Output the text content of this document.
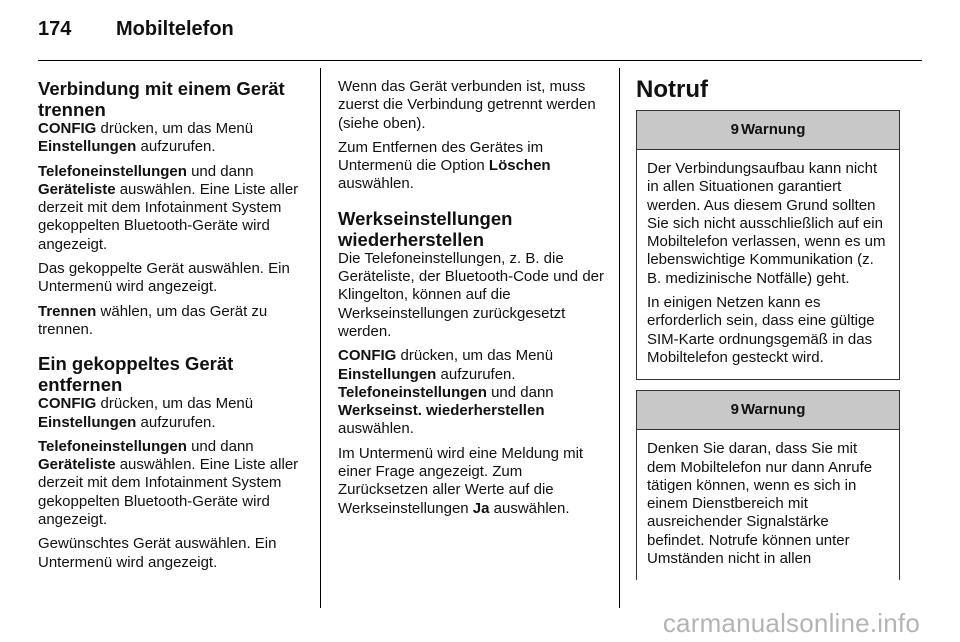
174 Mobiltelefon
Verbindung mit einem Gerät trennen

CONFIG drücken, um das Menü Einstellungen aufzurufen.

Telefoneinstellungen und dann Geräteliste auswählen. Eine Liste aller derzeit mit dem Infotainment System gekoppelten Bluetooth-Geräte wird angezeigt.

Das gekoppelte Gerät auswählen. Ein Untermenü wird angezeigt.

Trennen wählen, um das Gerät zu trennen.

Ein gekoppeltes Gerät entfernen

CONFIG drücken, um das Menü Einstellungen aufzurufen.

Telefoneinstellungen und dann Geräteliste auswählen. Eine Liste aller derzeit mit dem Infotainment System gekoppelten Bluetooth-Geräte wird angezeigt.

Gewünschtes Gerät auswählen. Ein Untermenü wird angezeigt.

Wenn das Gerät verbunden ist, muss zuerst die Verbindung getrennt werden (siehe oben).

Zum Entfernen des Gerätes im Untermenü die Option Löschen auswählen.

Werkseinstellungen wiederherstellen

Die Telefoneinstellungen, z. B. die Geräteliste, der Bluetooth-Code und der Klingelton, können auf die Werkseinstellungen zurückgesetzt werden.

CONFIG drücken, um das Menü Einstellungen aufzurufen. Telefoneinstellungen und dann Werkseinst. wiederherstellen auswählen.

Im Untermenü wird eine Meldung mit einer Frage angezeigt. Zum Zurücksetzen aller Werte auf die Werkseinstellungen Ja auswählen.

Notruf
9 Warnung

Der Verbindungsaufbau kann nicht in allen Situationen garantiert werden. Aus diesem Grund sollten Sie sich nicht ausschließlich auf ein Mobiltelefon verlassen, wenn es um lebenswichtige Kommunikation (z. B. medizinische Notfälle) geht.

In einigen Netzen kann es erforderlich sein, dass eine gültige SIM-Karte ordnungsgemäß in das Mobiltelefon gesteckt wird.

9 Warnung

Denken Sie daran, dass Sie mit dem Mobiltelefon nur dann Anrufe tätigen können, wenn es sich in einem Dienstbereich mit ausreichender Signalstärke befindet. Notrufe können unter Umständen nicht in allen

carmanualsonline.info
